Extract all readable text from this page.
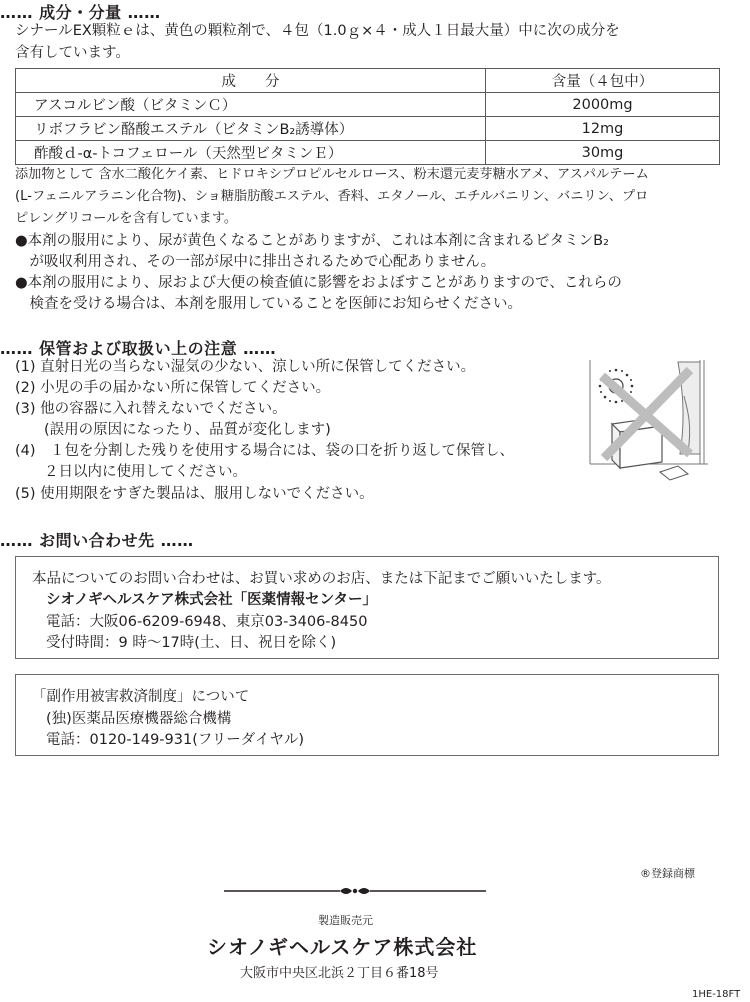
…… 成分・分量 ……
シナールEX顆粒ｅは、黄色の顆粒剤で、４包（1.0ｇ×４・成人１日最大量）中に次の成分を
含有しています。
成　　分	含量（４包中）
アスコルビン酸（ビタミンＣ）	2000mg
リボフラビン酪酸エステル（ビタミンB₂誘導体）	12mg
酢酸ｄ-α-トコフェロール（天然型ビタミンＥ）	30mg
添加物として 含水二酸化ケイ素、ヒドロキシプロピルセルロース、粉末還元麦芽糖水アメ、アスパルテーム
(L-フェニルアラニン化合物)、ショ糖脂肪酸エステル、香料、エタノール、エチルバニリン、バニリン、プロ
ピレングリコールを含有しています。
●本剤の服用により、尿が黄色くなることがありますが、これは本剤に含まれるビタミンB₂
　が吸収利用され、その一部が尿中に排出されるためで心配ありません。
●本剤の服用により、尿および大便の検査値に影響をおよぼすことがありますので、これらの
　検査を受ける場合は、本剤を服用していることを医師にお知らせください。
…… 保管および取扱い上の注意 ……
(1) 直射日光の当らない湿気の少ない、涼しい所に保管してください。
(2) 小児の手の届かない所に保管してください。
(3) 他の容器に入れ替えないでください。
　　(誤用の原因になったり、品質が変化します)
(4)　１包を分割した残りを使用する場合には、袋の口を折り返して保管し、
　　２日以内に使用してください。
(5) 使用期限をすぎた製品は、服用しないでください。
…… お問い合わせ先 ……
本品についてのお問い合わせは、お買い求めのお店、または下記までご願いいたします。
シオノギヘルスケア株式会社「医薬情報センター」
電話：大阪06-6209-6948、東京03-3406-8450
受付時間：9 時〜17時(土、日、祝日を除く)
「副作用被害救済制度」について
(独)医薬品医療機器総合機構
電話：0120-149-931(フリーダイヤル)
®登録商標
製造販売元
シオノギヘルスケア株式会社
大阪市中央区北浜２丁目６番18号
1HE-18FT
